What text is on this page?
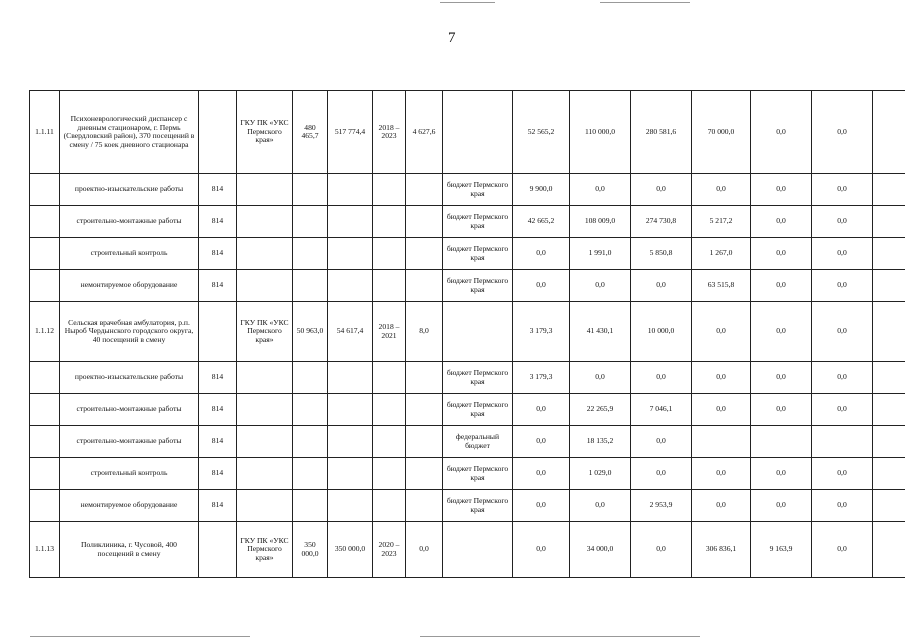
7
1.1.11	Психоневрологический диспансер с дневным стационаром, г. Пермь (Свердловский район), 370 посещений в смену / 75 коек дневного стационара		ГКУ ПК «УКС Пермского края»	480 465,7	517 774,4	2018 – 2023	4 627,6		52 565,2	110 000,0	280 581,6	70 000,0	0,0	0,0	
	проектно-изыскательские работы	814						бюджет Пермского края	9 900,0	0,0	0,0	0,0	0,0	0,0	
	строительно-монтажные работы	814						бюджет Пермского края	42 665,2	108 009,0	274 730,8	5 217,2	0,0	0,0	
	строительный контроль	814						бюджет Пермского края	0,0	1 991,0	5 850,8	1 267,0	0,0	0,0	
	немонтируемое оборудование	814						бюджет Пермского края	0,0	0,0	0,0	63 515,8	0,0	0,0	
1.1.12	Сельская врачебная амбулатория, р.п. Ныроб Чердынского городского округа, 40 посещений в смену		ГКУ ПК «УКС Пермского края»	50 963,0	54 617,4	2018 – 2021	8,0		3 179,3	41 430,1	10 000,0	0,0	0,0	0,0	
	проектно-изыскательские работы	814						бюджет Пермского края	3 179,3	0,0	0,0	0,0	0,0	0,0	
	строительно-монтажные работы	814						бюджет Пермского края	0,0	22 265,9	7 046,1	0,0	0,0	0,0	
	строительно-монтажные работы	814						федеральный бюджет	0,0	18 135,2	0,0				
	строительный контроль	814						бюджет Пермского края	0,0	1 029,0	0,0	0,0	0,0	0,0	
	немонтируемое оборудование	814						бюджет Пермского края	0,0	0,0	2 953,9	0,0	0,0	0,0	
1.1.13	Поликлиника, г. Чусовой, 400 посещений в смену		ГКУ ПК «УКС Пермского края»	350 000,0	350 000,0	2020 – 2023	0,0		0,0	34 000,0	0,0	306 836,1	9 163,9	0,0	
